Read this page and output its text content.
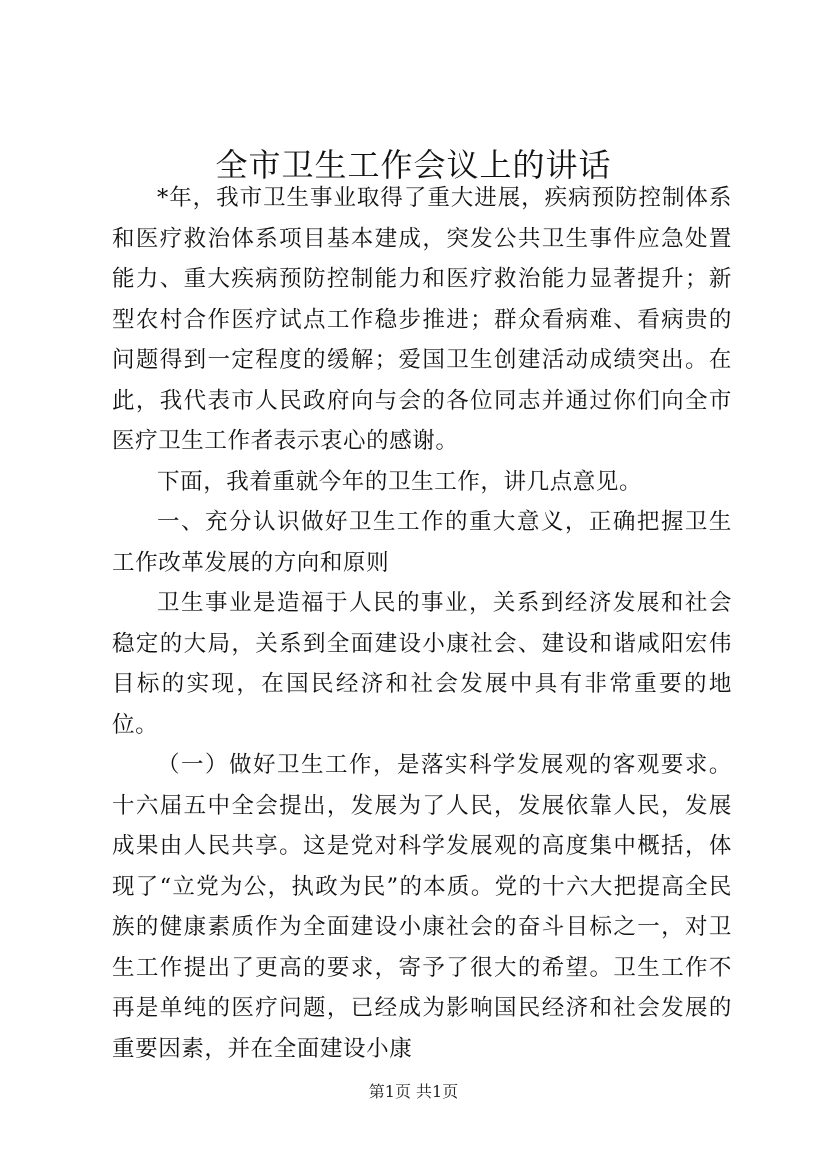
全市卫生工作会议上的讲话

*年，我市卫生事业取得了重大进展，疾病预防控制体系和医疗救治体系项目基本建成，突发公共卫生事件应急处置能力、重大疾病预防控制能力和医疗救治能力显著提升；新型农村合作医疗试点工作稳步推进；群众看病难、看病贵的问题得到一定程度的缓解；爱国卫生创建活动成绩突出。在此，我代表市人民政府向与会的各位同志并通过你们向全市医疗卫生工作者表示衷心的感谢。

下面，我着重就今年的卫生工作，讲几点意见。

一、充分认识做好卫生工作的重大意义，正确把握卫生工作改革发展的方向和原则

卫生事业是造福于人民的事业，关系到经济发展和社会稳定的大局，关系到全面建设小康社会、建设和谐咸阳宏伟目标的实现，在国民经济和社会发展中具有非常重要的地位。

（一）做好卫生工作，是落实科学发展观的客观要求。十六届五中全会提出，发展为了人民，发展依靠人民，发展成果由人民共享。这是党对科学发展观的高度集中概括，体现了“立党为公，执政为民”的本质。党的十六大把提高全民族的健康素质作为全面建设小康社会的奋斗目标之一，对卫生工作提出了更高的要求，寄予了很大的希望。卫生工作不再是单纯的医疗问题，已经成为影响国民经济和社会发展的重要因素，并在全面建设小康

第1页 共1页
